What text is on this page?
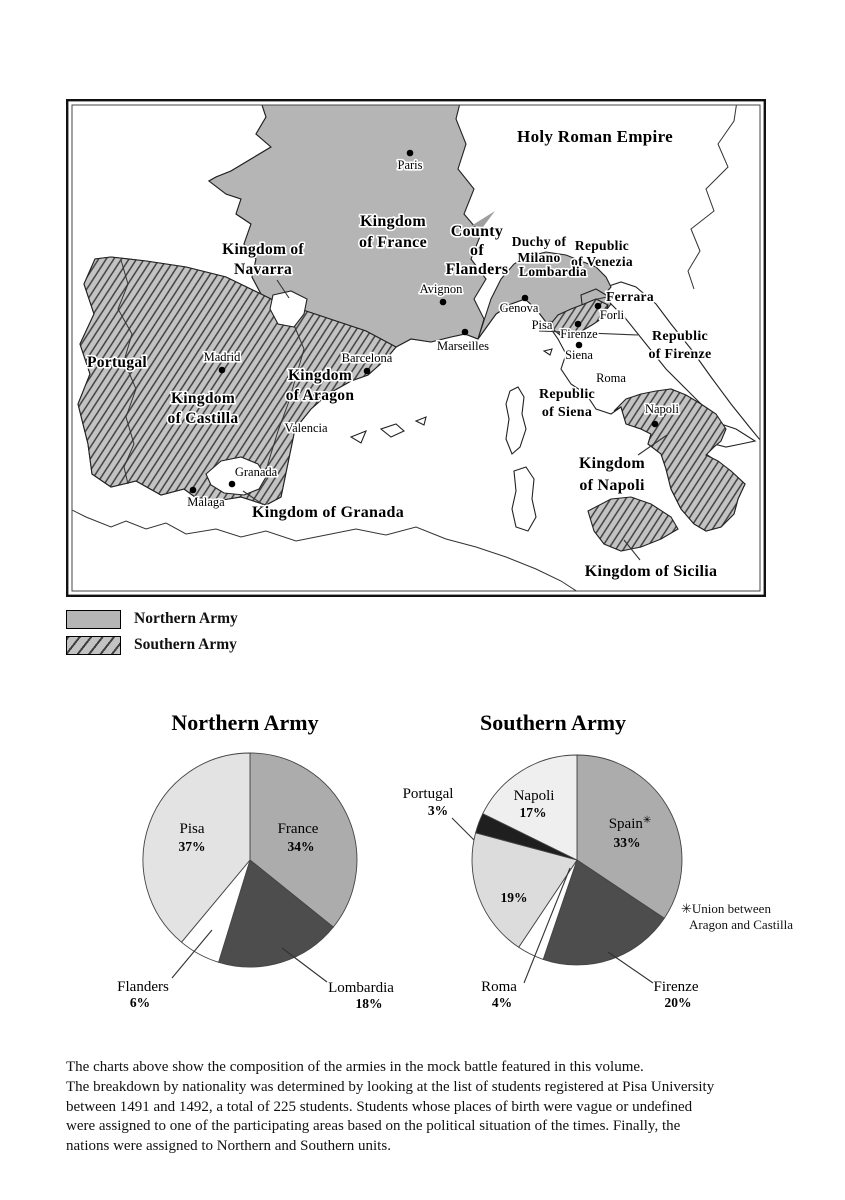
Paris
Avignon
Marseilles
Madrid	Barcelona
Valencia
Granada
Malaga
Genova
Pisa
Firenze
Siena
Forli
Roma
Napoli
Holy Roman Empire
Kingdom of France
Kingdom of Navarra
County of Flanders
Duchy of Milano
Republic of Venezia
Lombardia
Ferrara
Republic of Firenze
Republic of Siena
Portugal
Kingdom of Castilla
Kingdom of Aragon
Kingdom of Granada
Kingdom of Napoli
Kingdom of Sicilia
Northern Army
Southern Army
Northern Army
France
34%
Lombardia
18%
Flanders
6%
Pisa
37%
Southern Army
Spain✳
33%
Firenze
20%
Roma
4%
19%
Portugal
3%
Napoli
17%
✳Union between
Aragon and Castilla
The charts above show the composition of the armies in the mock battle featured in this volume.
The breakdown by nationality was determined by looking at the list of students registered at Pisa University
between 1491 and 1492, a total of 225 students. Students whose places of birth were vague or undefined
were assigned to one of the participating areas based on the political situation of the times. Finally, the
nations were assigned to Northern and Southern units.
